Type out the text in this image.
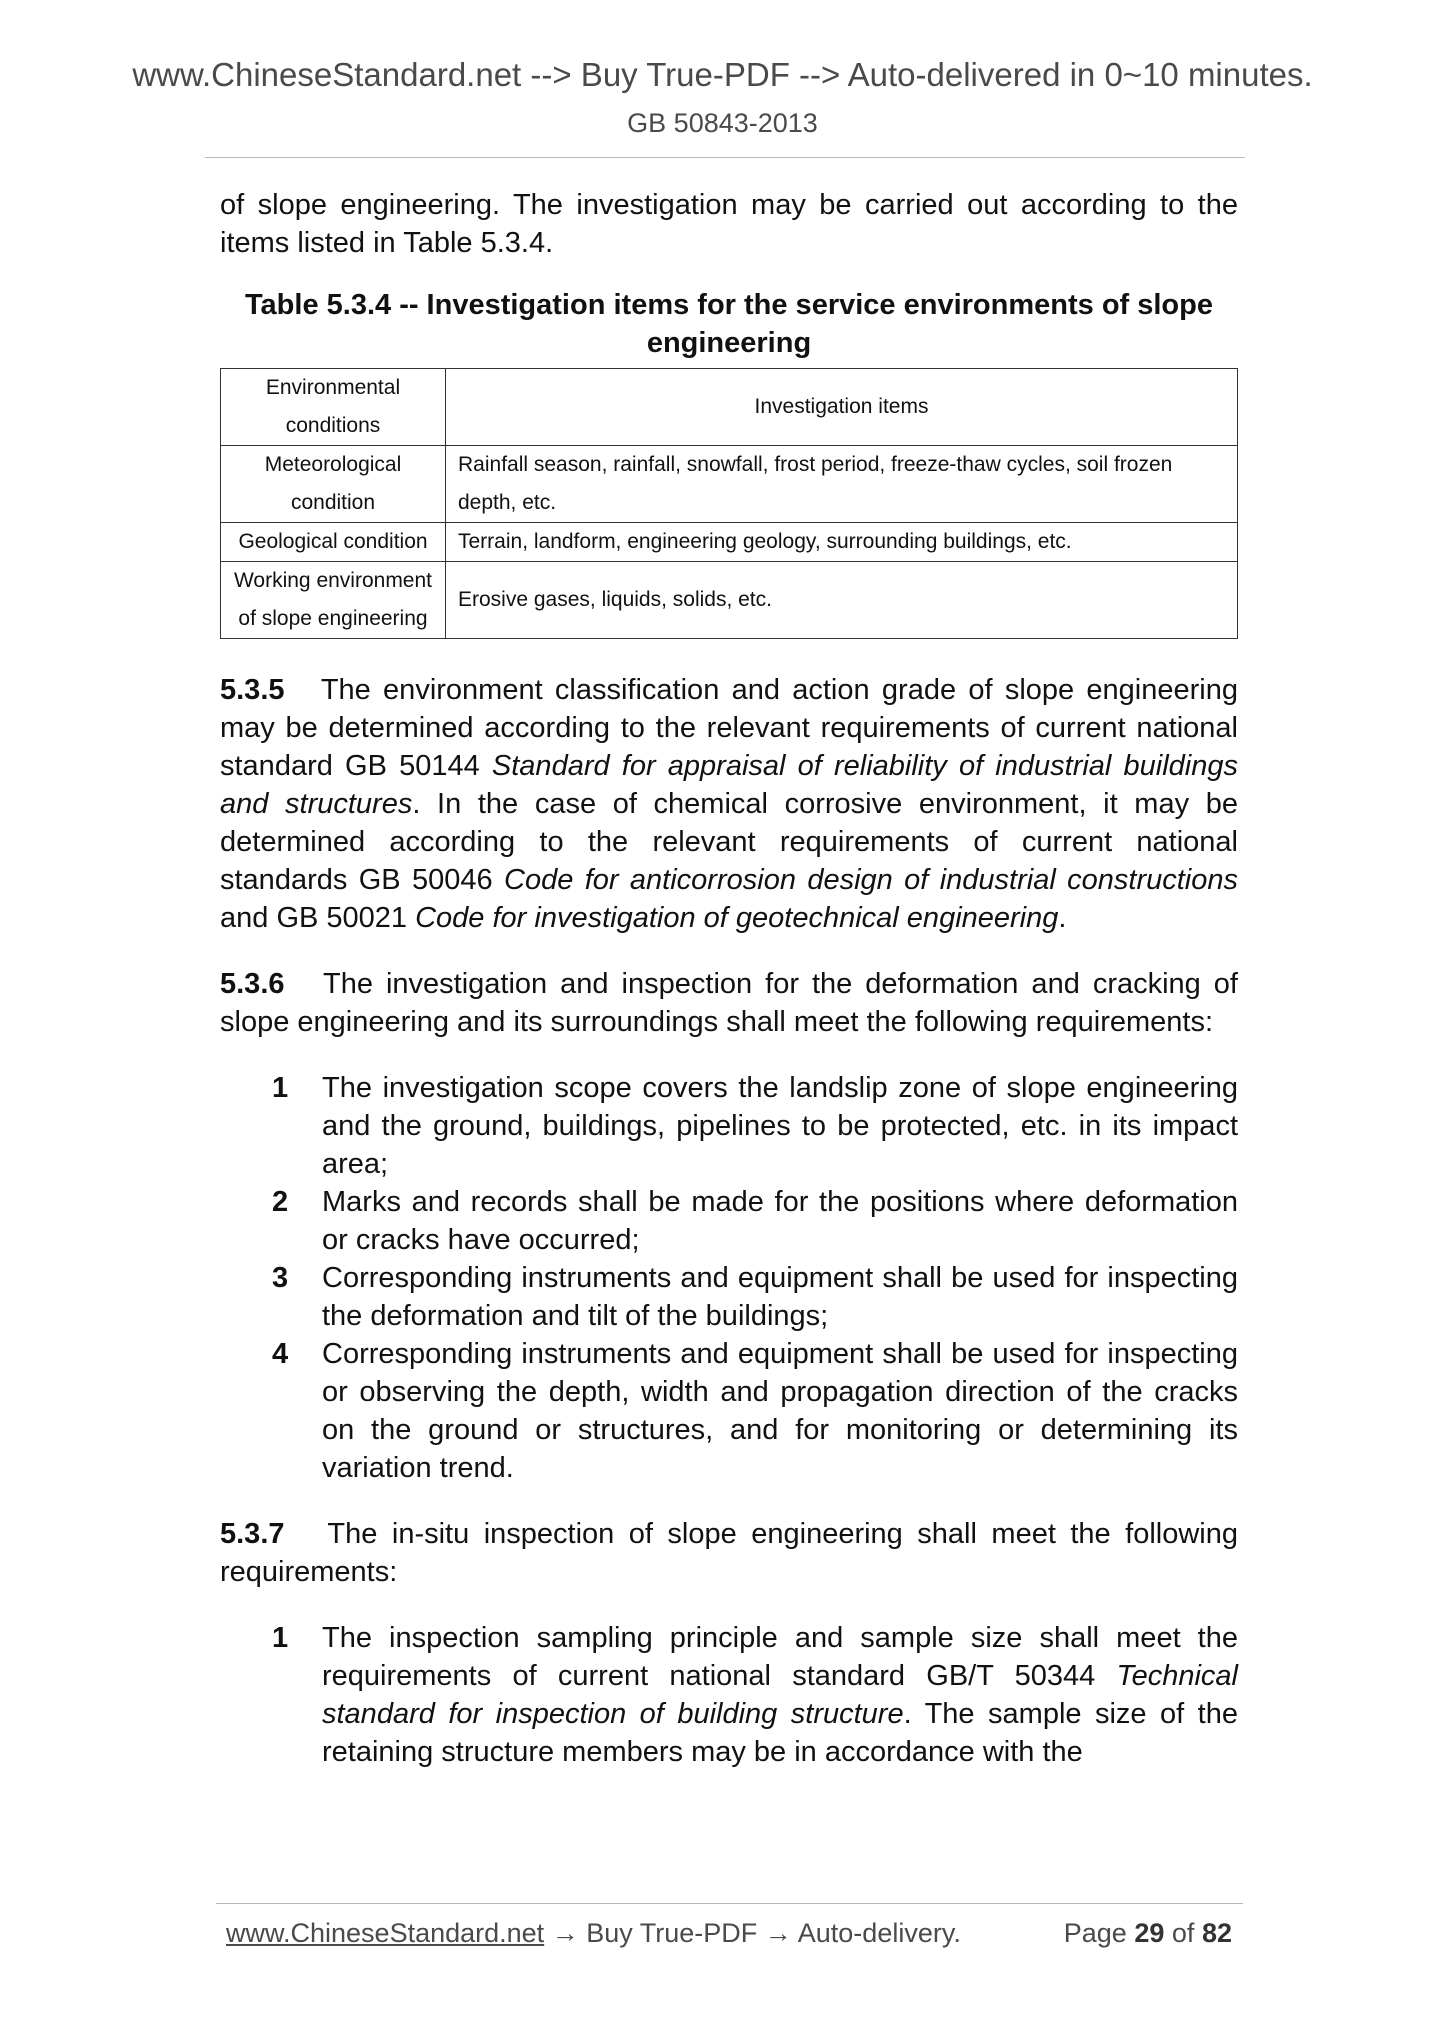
www.ChineseStandard.net --> Buy True-PDF --> Auto-delivered in 0~10 minutes.
GB 50843-2013

of slope engineering. The investigation may be carried out according to the items listed in Table 5.3.4.

Table 5.3.4 -- Investigation items for the service environments of slope engineering
Environmental conditions	Investigation items
Meteorological condition	Rainfall season, rainfall, snowfall, frost period, freeze-thaw cycles, soil frozen depth, etc.
Geological condition	Terrain, landform, engineering geology, surrounding buildings, etc.
Working environment of slope engineering	Erosive gases, liquids, solids, etc.

5.3.5 The environment classification and action grade of slope engineering may be determined according to the relevant requirements of current national standard GB 50144 Standard for appraisal of reliability of industrial buildings and structures. In the case of chemical corrosive environment, it may be determined according to the relevant requirements of current national standards GB 50046 Code for anticorrosion design of industrial constructions and GB 50021 Code for investigation of geotechnical engineering.

5.3.6 The investigation and inspection for the deformation and cracking of slope engineering and its surroundings shall meet the following requirements:

1 The investigation scope covers the landslip zone of slope engineering and the ground, buildings, pipelines to be protected, etc. in its impact area;
2 Marks and records shall be made for the positions where deformation or cracks have occurred;
3 Corresponding instruments and equipment shall be used for inspecting the deformation and tilt of the buildings;
4 Corresponding instruments and equipment shall be used for inspecting or observing the depth, width and propagation direction of the cracks on the ground or structures, and for monitoring or determining its variation trend.

5.3.7 The in-situ inspection of slope engineering shall meet the following requirements:

1 The inspection sampling principle and sample size shall meet the requirements of current national standard GB/T 50344 Technical standard for inspection of building structure. The sample size of the retaining structure members may be in accordance with the
www.ChineseStandard.net → Buy True-PDF → Auto-delivery.	Page 29 of 82
